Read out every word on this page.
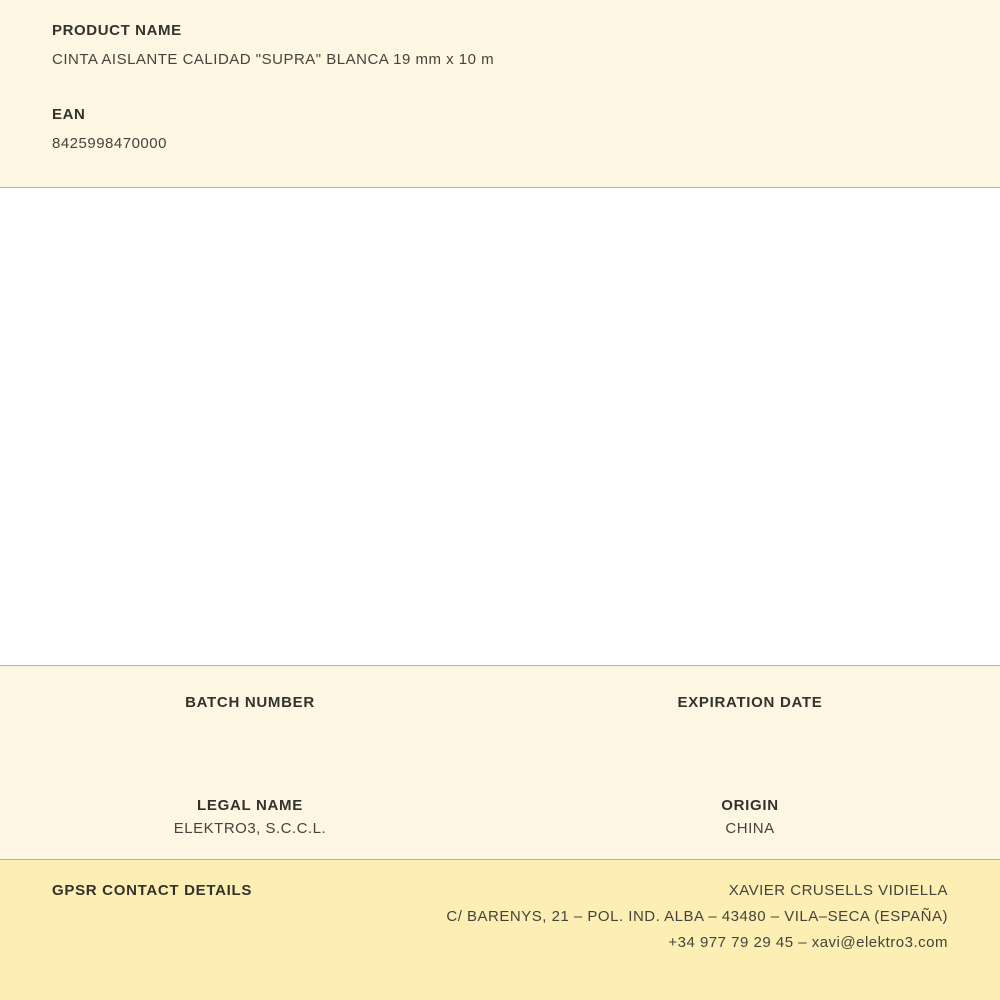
PRODUCT NAME

CINTA AISLANTE CALIDAD "SUPRA" BLANCA 19 mm x 10 m

EAN

8425998470000

BATCH NUMBER	EXPIRATION DATE

LEGAL NAME

ELEKTRO3, S.C.C.L.

ORIGIN

CHINA

GPSR CONTACT DETAILS	XAVIER CRUSELLS VIDIELLA

C/ BARENYS, 21 – POL. IND. ALBA – 43480 – VILA–SECA (ESPAÑA)

+34 977 79 29 45 – xavi@elektro3.com
